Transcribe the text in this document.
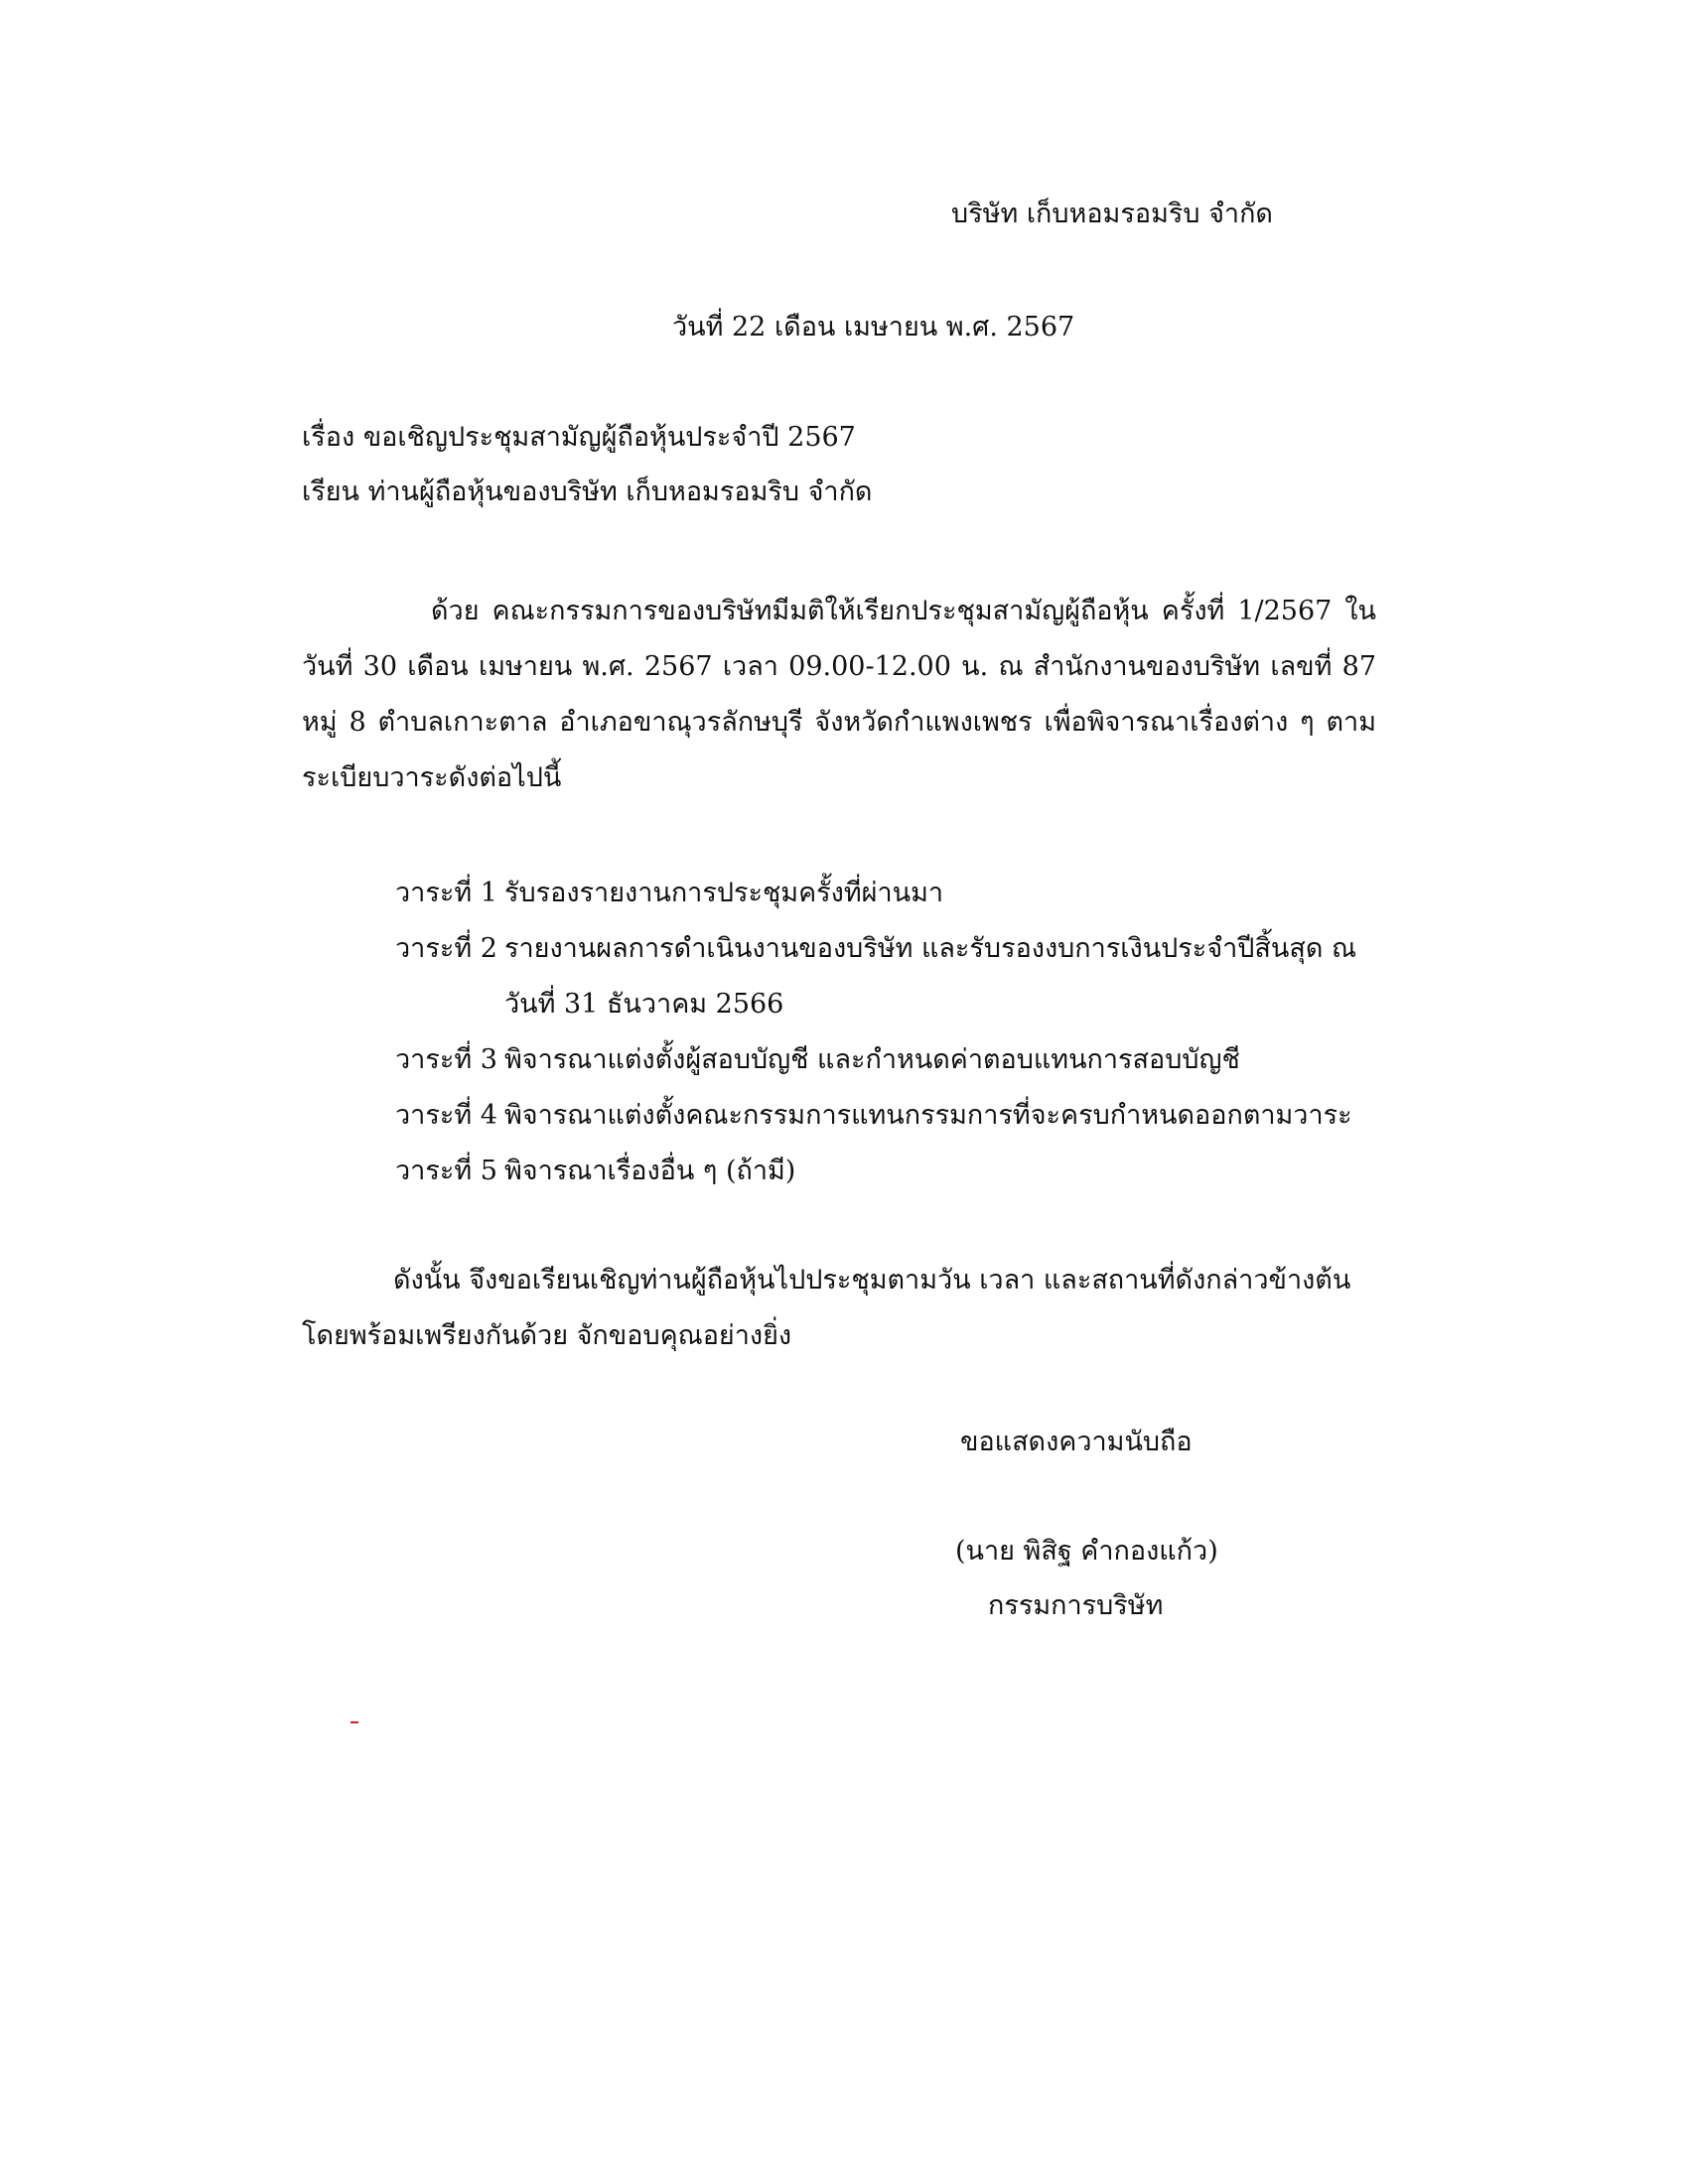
บริษัท เก็บหอมรอมริบ จำกัด
วันที่ 22 เดือน เมษายน พ.ศ. 2567
เรื่อง ขอเชิญประชุมสามัญผู้ถือหุ้นประจำปี 2567
เรียน ท่านผู้ถือหุ้นของบริษัท เก็บหอมรอมริบ จำกัด
ด้วย คณะกรรมการของบริษัทมีมติให้เรียกประชุมสามัญผู้ถือหุ้น ครั้งที่ 1/2567 ในวันที่ 30 เดือน เมษายน พ.ศ. 2567 เวลา 09.00-12.00 น. ณ สำนักงานของบริษัท เลขที่ 87 หมู่ 8 ตำบลเกาะตาล อำเภอขาณุวรลักษบุรี จังหวัดกำแพงเพชร เพื่อพิจารณาเรื่องต่าง ๆ ตามระเบียบวาระดังต่อไปนี้
วาระที่ 1 รับรองรายงานการประชุมครั้งที่ผ่านมา
วาระที่ 2 รายงานผลการดำเนินงานของบริษัท และรับรองงบการเงินประจำปีสิ้นสุด ณ วันที่ 31 ธันวาคม 2566
วาระที่ 3 พิจารณาแต่งตั้งผู้สอบบัญชี และกำหนดค่าตอบแทนการสอบบัญชี
วาระที่ 4 พิจารณาแต่งตั้งคณะกรรมการแทนกรรมการที่จะครบกำหนดออกตามวาระ
วาระที่ 5 พิจารณาเรื่องอื่น ๆ (ถ้ามี)
ดังนั้น จึงขอเรียนเชิญท่านผู้ถือหุ้นไปประชุมตามวัน เวลา และสถานที่ดังกล่าวข้างต้นโดยพร้อมเพรียงกันด้วย จักขอบคุณอย่างยิ่ง
ขอแสดงความนับถือ
(นาย พิสิฐ คำกองแก้ว)
กรรมการบริษัท
